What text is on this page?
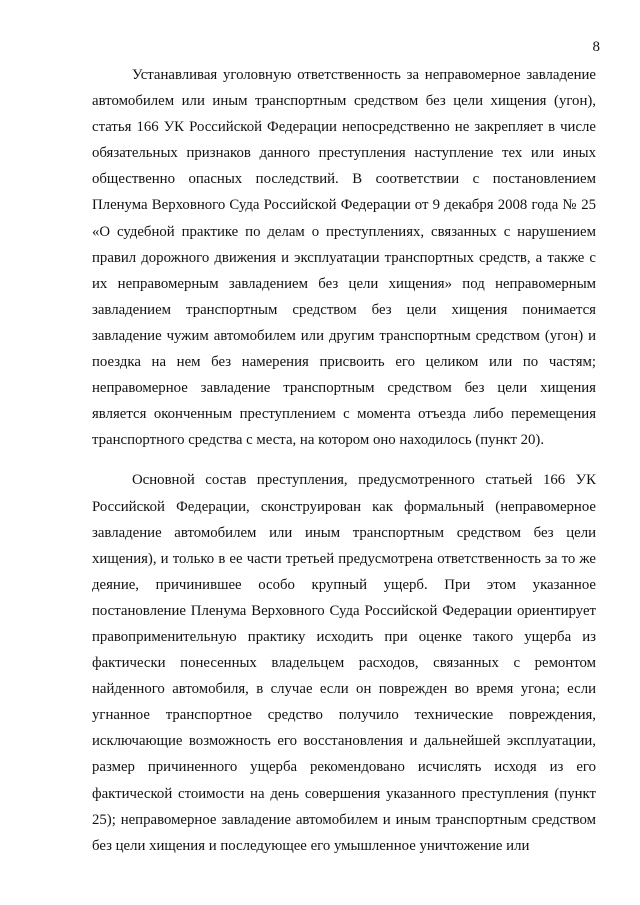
8

Устанавливая уголовную ответственность за неправомерное завладение автомобилем или иным транспортным средством без цели хищения (угон), статья 166 УК Российской Федерации непосредственно не закрепляет в числе обязательных признаков данного преступления наступление тех или иных общественно опасных последствий. В соответствии с постановлением Пленума Верховного Суда Российской Федерации от 9 декабря 2008 года № 25 «О судебной практике по делам о преступлениях, связанных с нарушением правил дорожного движения и эксплуатации транспортных средств, а также с их неправомерным завладением без цели хищения» под неправомерным завладением транспортным средством без цели хищения понимается завладение чужим автомобилем или другим транспортным средством (угон) и поездка на нем без намерения присвоить его целиком или по частям; неправомерное завладение транспортным средством без цели хищения является оконченным преступлением с момента отъезда либо перемещения транспортного средства с места, на котором оно находилось (пункт 20).

Основной состав преступления, предусмотренного статьей 166 УК Российской Федерации, сконструирован как формальный (неправомерное завладение автомобилем или иным транспортным средством без цели хищения), и только в ее части третьей предусмотрена ответственность за то же деяние, причинившее особо крупный ущерб. При этом указанное постановление Пленума Верховного Суда Российской Федерации ориентирует правоприменительную практику исходить при оценке такого ущерба из фактически понесенных владельцем расходов, связанных с ремонтом найденного автомобиля, в случае если он поврежден во время угона; если угнанное транспортное средство получило технические повреждения, исключающие возможность его восстановления и дальнейшей эксплуатации, размер причиненного ущерба рекомендовано исчислять исходя из его фактической стоимости на день совершения указанного преступления (пункт 25); неправомерное завладение автомобилем и иным транспортным средством без цели хищения и последующее его умышленное уничтожение или
